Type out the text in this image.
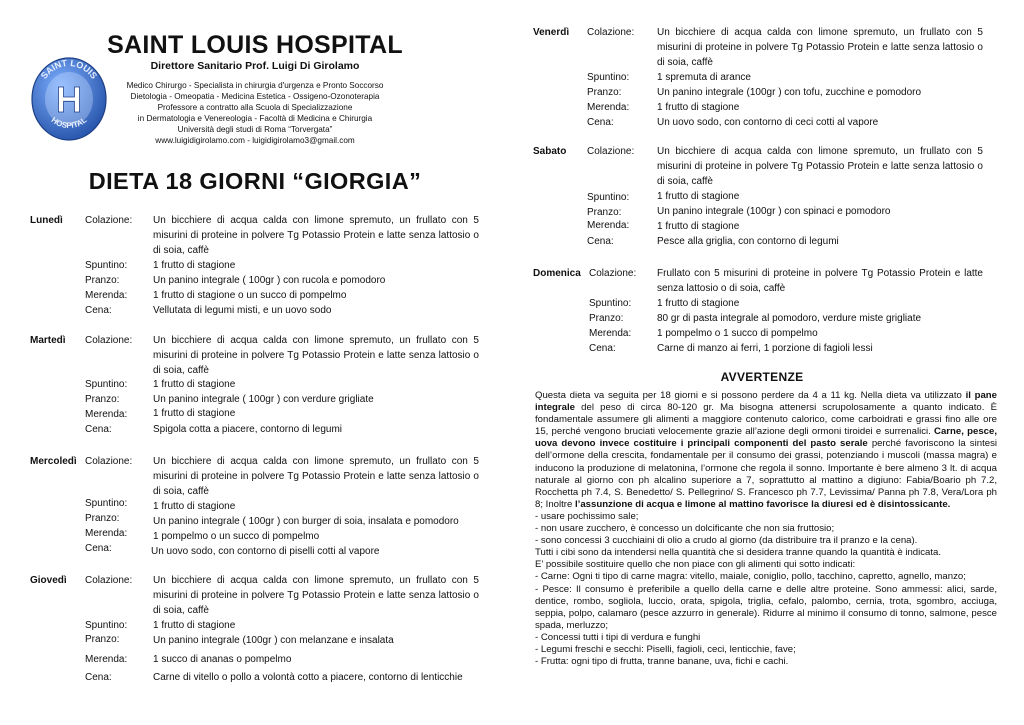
SAINT LOUIS
HOSPITAL
H
SAINT LOUIS HOSPITAL
Direttore Sanitario Prof. Luigi Di Girolamo
Medico Chirurgo - Specialista in chirurgia d'urgenza e Pronto Soccorso
Dietologia - Omeopatia - Medicina Estetica - Ossigeno-Ozonoterapia
Professore a contratto alla Scuola di Specializzazione
in Dermatologia e Venereologia - Facoltà di Medicina e Chirurgia
Università degli studi di Roma “Torvergata”
www.luigidigirolamo.com - luigidigirolamo3@gmail.com
DIETA 18 GIORNI “GIORGIA”
Lunedì Colazione: Un bicchiere di acqua calda con limone spremuto, un frullato con 5 misurini di proteine in polvere Tg Potassio Protein e latte senza lattosio o di soia, caffè
Spuntino:	1 frutto di stagione
Pranzo:	Un panino integrale ( 100gr ) con rucola e pomodoro
Merenda:	1 frutto di stagione o un succo di pompelmo
Cena:	Vellutata di legumi misti, e un uovo sodo
Martedì Colazione: Un bicchiere di acqua calda con limone spremuto, un frullato con 5 misurini di proteine in polvere Tg Potassio Protein e latte senza lattosio o di soia, caffè
Spuntino:	1 frutto di stagione
Pranzo:	Un panino integrale ( 100gr ) con verdure grigliate
Merenda:	1 frutto di stagione
Cena:	Spigola cotta a piacere, contorno di legumi
Mercoledì Colazione: Un bicchiere di acqua calda con limone spremuto, un frullato con 5 misurini di proteine in polvere Tg Potassio Protein e latte senza lattosio o di soia, caffè
Spuntino:	1 frutto di stagione
Pranzo:	Un panino integrale ( 100gr ) con burger di soia, insalata e pomodoro
Merenda:	1 pompelmo o un succo di pompelmo
Cena:	Un uovo sodo, con contorno di piselli cotti al vapore
Giovedì Colazione: Un bicchiere di acqua calda con limone spremuto, un frullato con 5 misurini di proteine in polvere Tg Potassio Protein e latte senza lattosio o di soia, caffè
Spuntino:	1 frutto di stagione
Pranzo:	Un panino integrale (100gr ) con melanzane e insalata
Merenda:	1 succo di ananas o pompelmo
Cena:	Carne di vitello o pollo a volontà cotto a piacere, contorno di lenticchie
Venerdì Colazione: Un bicchiere di acqua calda con limone spremuto, un frullato con 5 misurini di proteine in polvere Tg Potassio Protein e latte senza lattosio o di soia, caffè
Spuntino:	1 spremuta di arance
Pranzo:	Un panino integrale (100gr ) con tofu, zucchine e pomodoro
Merenda:	1 frutto di stagione
Cena:	Un uovo sodo, con contorno di ceci cotti al vapore
Sabato Colazione: Un bicchiere di acqua calda con limone spremuto, un frullato con 5 misurini di proteine in polvere Tg Potassio Protein e latte senza lattosio o di soia, caffè
Spuntino:	1 frutto di stagione
Pranzo:	Un panino integrale (100gr ) con spinaci e pomodoro
Merenda:	1 frutto di stagione
Cena:	Pesce alla griglia, con contorno di legumi
Domenica Colazione: Frullato con 5 misurini di proteine in polvere Tg Potassio Protein e latte senza lattosio o di soia, caffè
Spuntino:	1 frutto di stagione
Pranzo:	80 gr di pasta integrale al pomodoro, verdure miste grigliate
Merenda:	1 pompelmo o 1 succo di pompelmo
Cena:	Carne di manzo ai ferri, 1 porzione di fagioli lessi
AVVERTENZE

Questa dieta va seguita per 18 giorni e si possono perdere da 4 a 11 kg. Nella dieta va utilizzato il pane integrale del peso di circa 80-120 gr. Ma bisogna attenersi scrupolosamente a quanto indicato. È fondamentale assumere gli alimenti a maggiore contenuto calorico, come carboidrati e grassi fino alle ore 15, perché vengono bruciati velocemente grazie all’azione degli ormoni tiroidei e surrenalici. Carne, pesce, uova devono invece costituire i principali componenti del pasto serale perché favoriscono la sintesi dell’ormone della crescita, fondamentale per il consumo dei grassi, potenziando i muscoli (massa magra) e inducono la produzione di melatonina, l’ormone che regola il sonno. Importante è bere almeno 3 lt. di acqua naturale al giorno con ph alcalino superiore a 7, soprattutto al mattino a digiuno: Fabia/Boario ph 7.2, Rocchetta ph 7.4, S. Benedetto/ S. Pellegrino/ S. Francesco ph 7.7, Levissima/ Panna ph 7.8, Vera/Lora ph 8; Inoltre l’assunzione di acqua e limone al mattino favorisce la diuresi ed è disintossicante.

- usare pochissimo sale;

- non usare zucchero, è concesso un dolcificante che non sia fruttosio;

- sono concessi 3 cucchiaini di olio a crudo al giorno (da distribuire tra il pranzo e la cena).

Tutti i cibi sono da intendersi nella quantità che si desidera tranne quando la quantità è indicata.

E’ possibile sostituire quello che non piace con gli alimenti qui sotto indicati:

- Carne: Ogni ti tipo di carne magra: vitello, maiale, coniglio, pollo, tacchino, capretto, agnello, manzo;

- Pesce: Il consumo è preferibile a quello della carne e delle altre proteine. Sono ammessi: alici, sarde, dentice, rombo, sogliola, luccio, orata, spigola, triglia, cefalo, palombo, cernia, trota, sgombro, acciuga, seppia, polpo, calamaro (pesce azzurro in generale). Ridurre al minimo il consumo di tonno, salmone, pesce spada, merluzzo;

- Concessi tutti i tipi di verdura e funghi

- Legumi freschi e secchi: Piselli, fagioli, ceci, lenticchie, fave;

- Frutta: ogni tipo di frutta, tranne banane, uva, fichi e cachi.
